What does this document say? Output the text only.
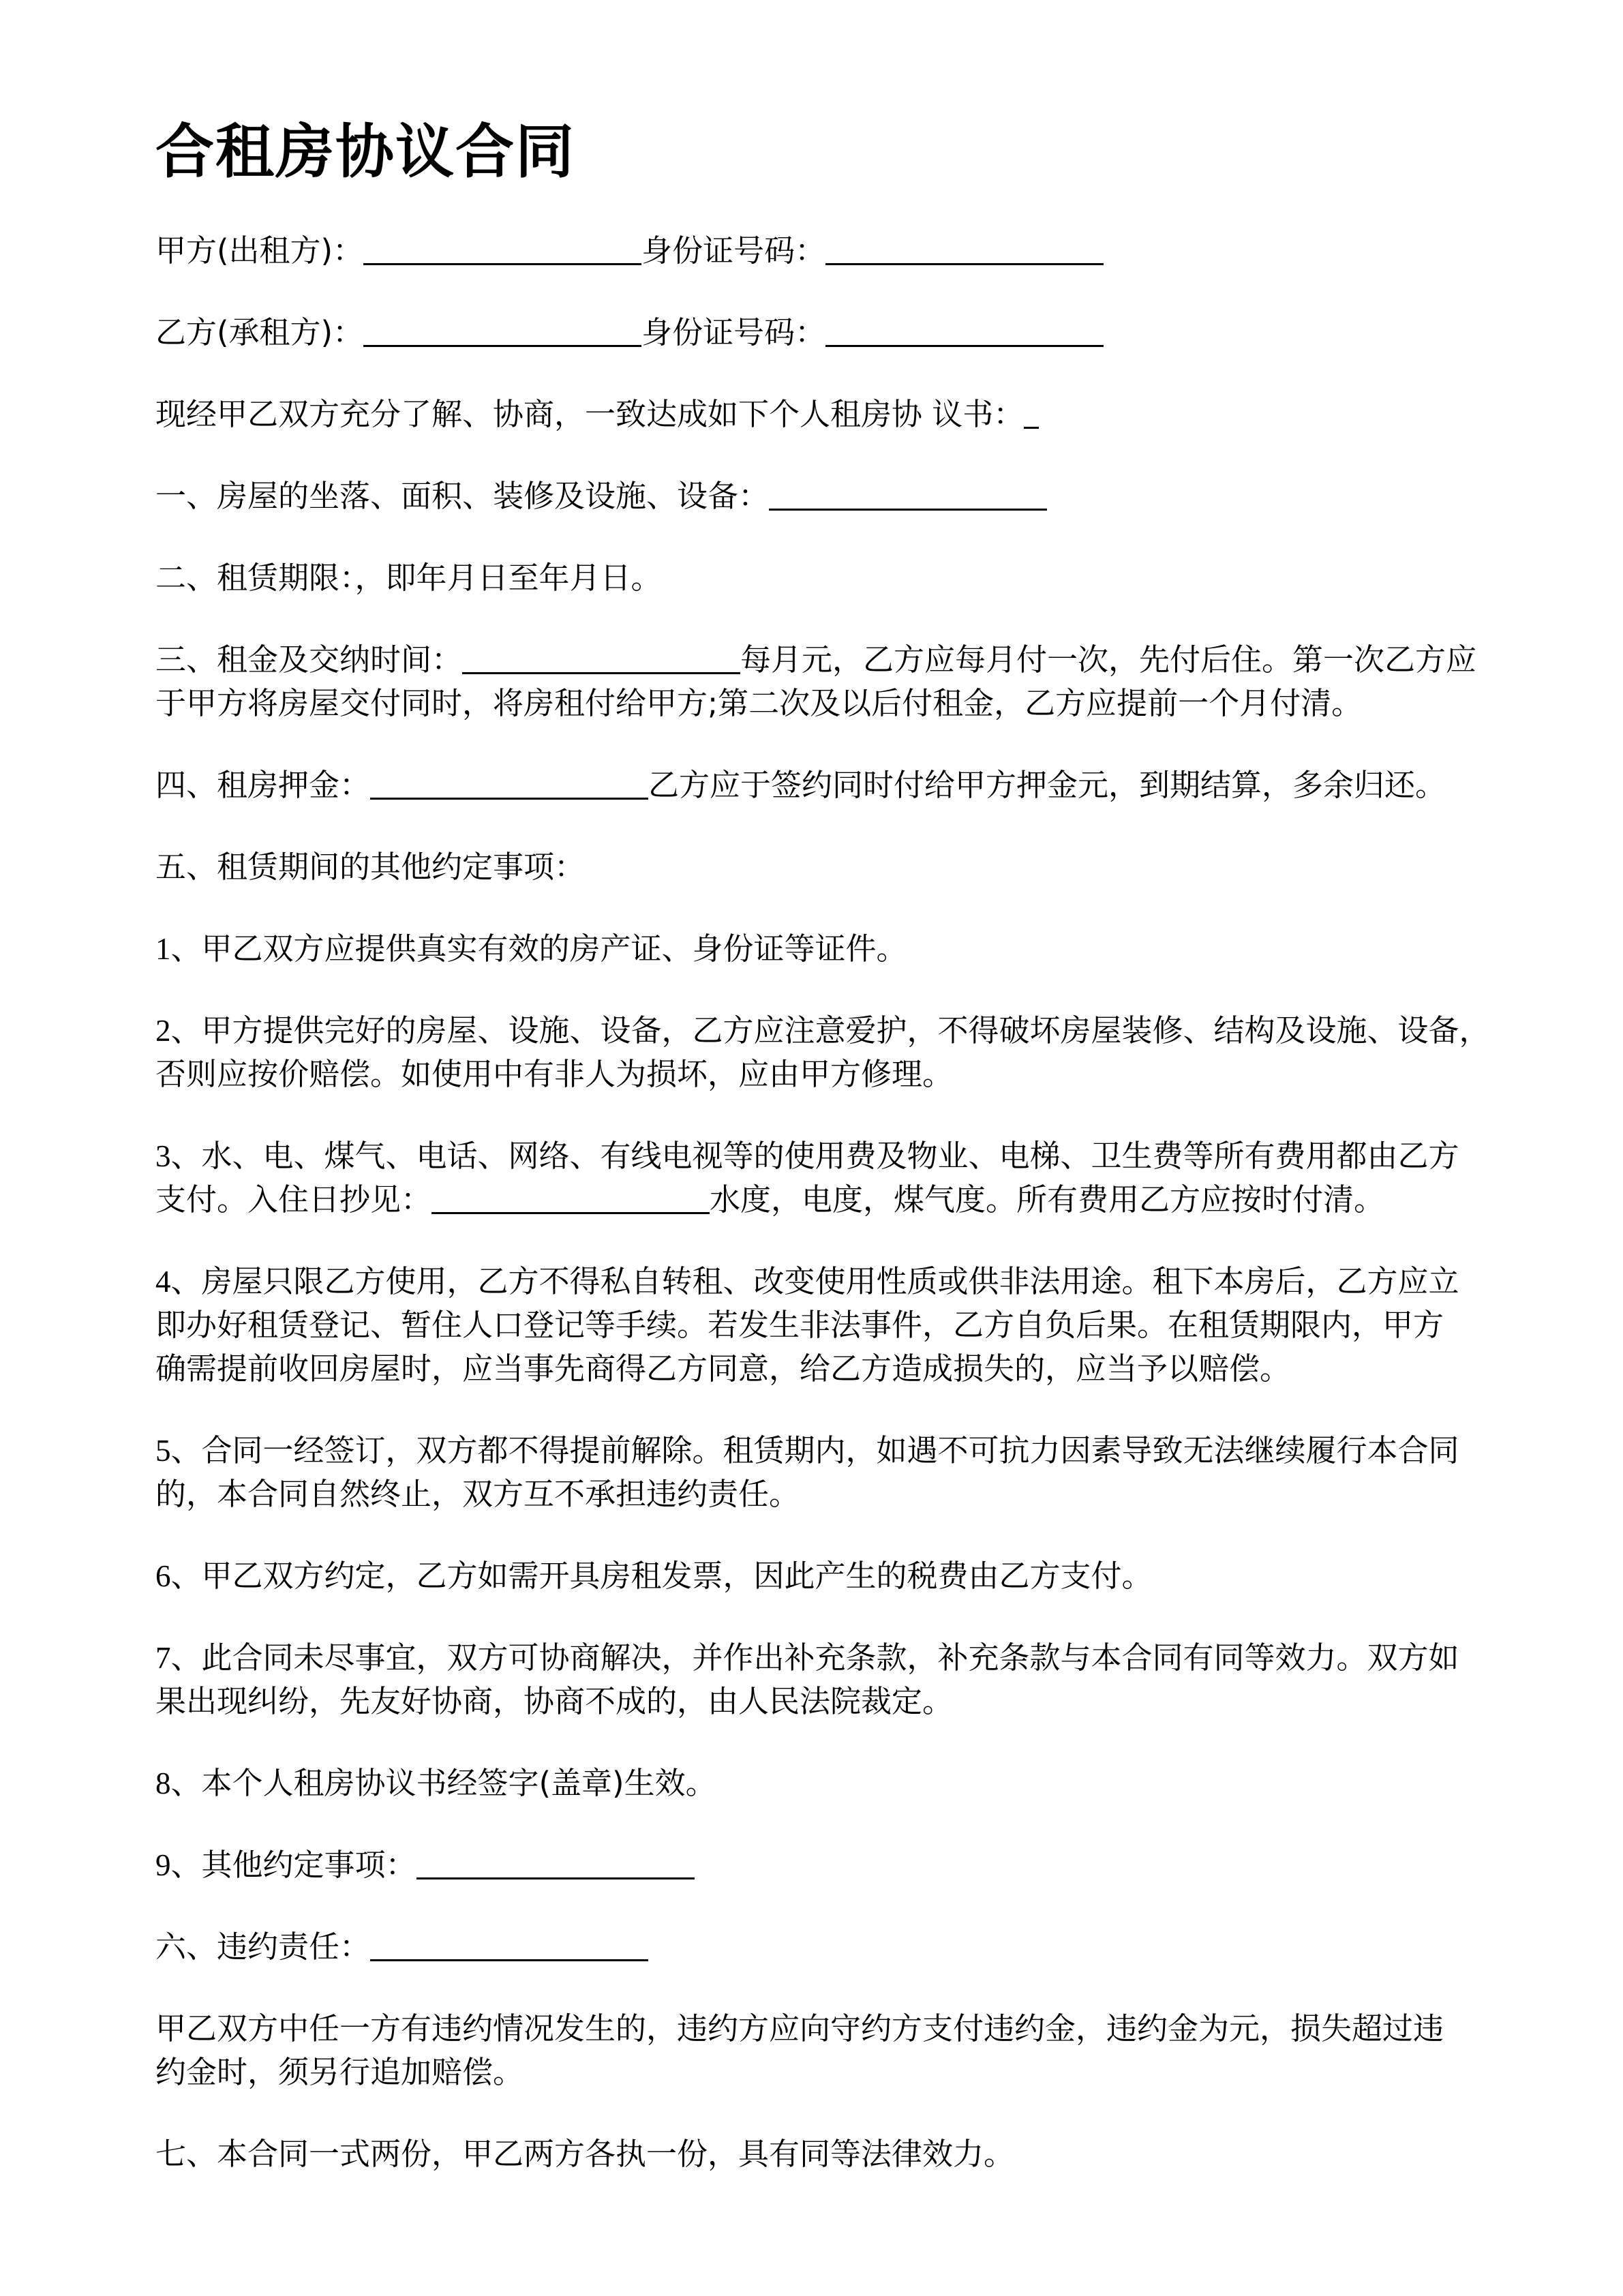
合租房协议合同
甲方(出租方)：	身份证号码：
乙方(承租方)：	身份证号码：
现经甲乙双方充分了解、协商，一致达成如下个人租房协 议书：
一、房屋的坐落、面积、装修及设施、设备：
二、租赁期限：，即年月日至年月日。
三、租金及交纳时间：	每月元，乙方应每月付一次，先付后住。第一次乙方应
于甲方将房屋交付同时，将房租付给甲方;第二次及以后付租金，乙方应提前一个月付清。
四、租房押金：	乙方应于签约同时付给甲方押金元，到期结算，多余归还。
五、租赁期间的其他约定事项：
1、甲乙双方应提供真实有效的房产证、身份证等证件。
2、甲方提供完好的房屋、设施、设备，乙方应注意爱护，不得破坏房屋装修、结构及设施、设备，
否则应按价赔偿。如使用中有非人为损坏，应由甲方修理。
3、水、电、煤气、电话、网络、有线电视等的使用费及物业、电梯、卫生费等所有费用都由乙方
支付。入住日抄见：	水度，电度，煤气度。所有费用乙方应按时付清。
4、房屋只限乙方使用，乙方不得私自转租、改变使用性质或供非法用途。租下本房后，乙方应立
即办好租赁登记、暂住人口登记等手续。若发生非法事件，乙方自负后果。在租赁期限内，甲方
确需提前收回房屋时，应当事先商得乙方同意，给乙方造成损失的，应当予以赔偿。
5、合同一经签订，双方都不得提前解除。租赁期内，如遇不可抗力因素导致无法继续履行本合同
的，本合同自然终止，双方互不承担违约责任。
6、甲乙双方约定，乙方如需开具房租发票，因此产生的税费由乙方支付。
7、此合同未尽事宜，双方可协商解决，并作出补充条款，补充条款与本合同有同等效力。双方如
果出现纠纷，先友好协商，协商不成的，由人民法院裁定。
8、本个人租房协议书经签字(盖章)生效。
9、其他约定事项：
六、违约责任：
甲乙双方中任一方有违约情况发生的，违约方应向守约方支付违约金，违约金为元，损失超过违
约金时，须另行追加赔偿。
七、本合同一式两份，甲乙两方各执一份，具有同等法律效力。
